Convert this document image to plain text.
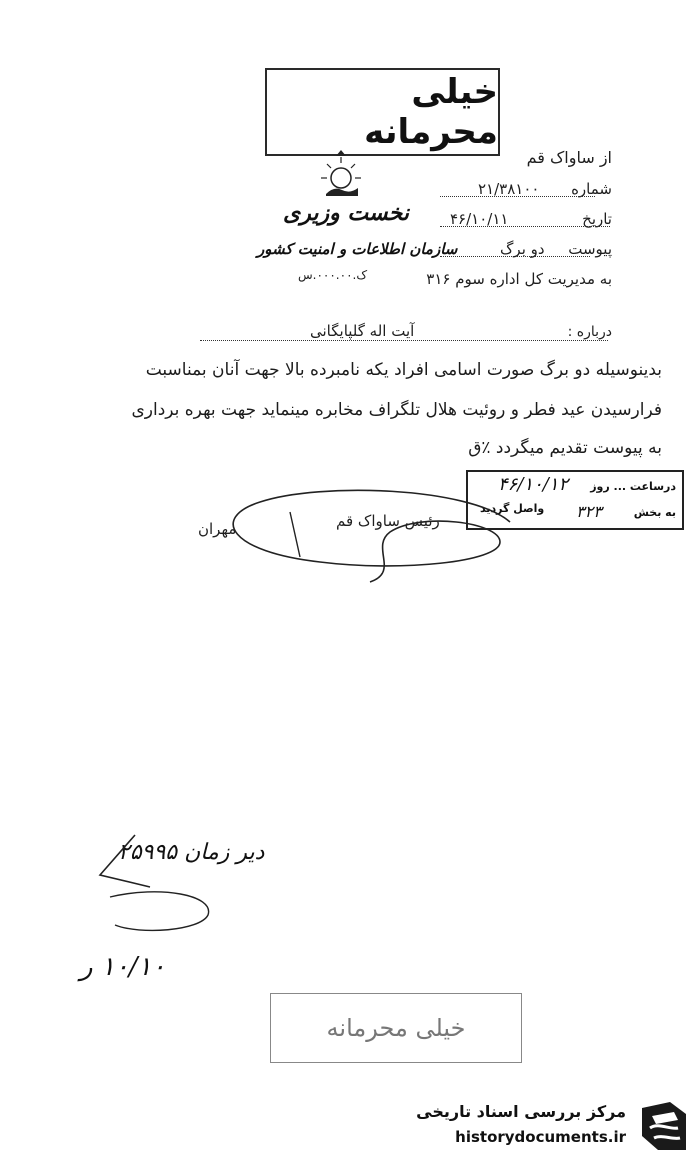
خیلی محرمانه
نخست وزیری
سازمان اطلاعات و امنیت کشور
ک.۰۰۰.۰۰.س
از ساواک قم
شماره
۲۱/۳۸۱۰۰
تاریخ
۴۶/۱۰/۱۱
پیوست
دو برگ
به مدیریت کل اداره سوم ۳۱۶
درباره :
آیت اله گلپایگانی
بدینوسیله دو برگ صورت اسامی افراد یکه نامبرده بالا جهت آنان بمناسبت
فرارسیدن عید فطر و روئیت هلال تلگراف مخابره مینماید جهت بهره برداری
به پیوست تقدیم میگردد ٪ق
درساعت ... روز
۴۶/۱۰/۱۲
به بخش
واصل گردید ۳۲۳
رئیس ساواک قم
مهران
دیر زمان ۲۵۹۹۵
۱۰/۱۰ ر
خیلی محرمانه
مرکز بررسی اسناد تاریخی
historydocuments.ir
